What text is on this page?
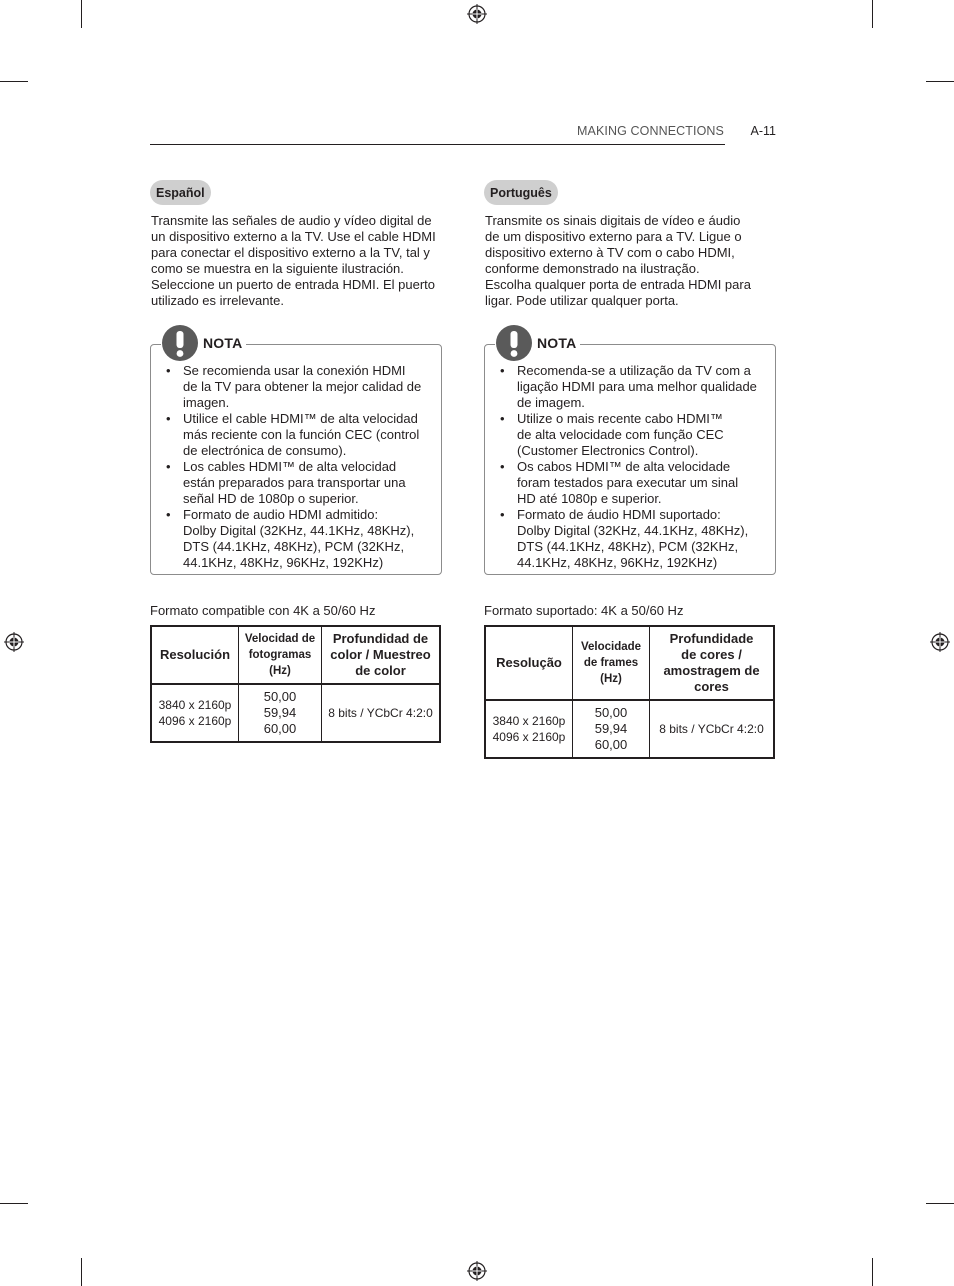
MAKING CONNECTIONS A-11
Español
Transmite las señales de audio y vídeo digital de
un dispositivo externo a la TV. Use el cable HDMI
para conectar el dispositivo externo a la TV, tal y
como se muestra en la siguiente ilustración.
Seleccione un puerto de entrada HDMI. El puerto
utilizado es irrelevante.
NOTA
• Se recomienda usar la conexión HDMI
de la TV para obtener la mejor calidad de
imagen.
• Utilice el cable HDMI™ de alta velocidad
más reciente con la función CEC (control
de electrónica de consumo).
• Los cables HDMI™ de alta velocidad
están preparados para transportar una
señal HD de 1080p o superior.
• Formato de audio HDMI admitido:
Dolby Digital (32KHz, 44.1KHz, 48KHz),
DTS (44.1KHz, 48KHz), PCM (32KHz,
44.1KHz, 48KHz, 96KHz, 192KHz)
Formato compatible con 4K a 50/60 Hz
Resolución	Velocidad de
fotogramas
(Hz)	Profundidad de
color / Muestreo
de color
3840 x 2160p
4096 x 2160p	50,00
59,94
60,00	8 bits / YCbCr 4:2:0
Português
Transmite os sinais digitais de vídeo e áudio
de um dispositivo externo para a TV. Ligue o
dispositivo externo à TV com o cabo HDMI,
conforme demonstrado na ilustração.
Escolha qualquer porta de entrada HDMI para
ligar. Pode utilizar qualquer porta.
NOTA
• Recomenda-se a utilização da TV com a
ligação HDMI para uma melhor qualidade
de imagem.
• Utilize o mais recente cabo HDMI™
de alta velocidade com função CEC
(Customer Electronics Control).
• Os cabos HDMI™ de alta velocidade
foram testados para executar um sinal
HD até 1080p e superior.
• Formato de áudio HDMI suportado:
Dolby Digital (32KHz, 44.1KHz, 48KHz),
DTS (44.1KHz, 48KHz), PCM (32KHz,
44.1KHz, 48KHz, 96KHz, 192KHz)
Formato suportado: 4K a 50/60 Hz
Resolução	Velocidade
de frames
(Hz)	Profundidade
de cores /
amostragem de
cores
3840 x 2160p
4096 x 2160p	50,00
59,94
60,00	8 bits / YCbCr 4:2:0
